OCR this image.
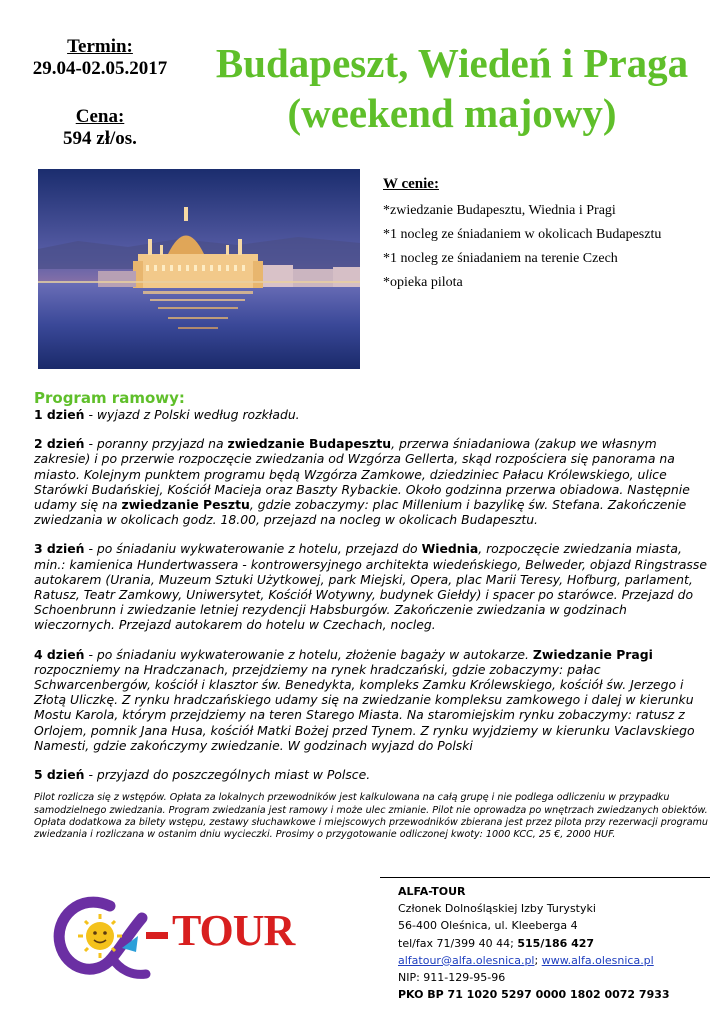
Termin:
29.04-02.05.2017
Cena:
594 zł/os.
Budapeszt, Wiedeń i Praga
(weekend majowy)
W cenie:
*zwiedzanie Budapesztu, Wiednia i Pragi
*1 nocleg ze śniadaniem w okolicach Budapesztu
*1 nocleg ze śniadaniem na terenie Czech
*opieka pilota
Program ramowy:

1 dzień - wyjazd z Polski według rozkładu.

2 dzień - poranny przyjazd na zwiedzanie Budapesztu, przerwa śniadaniowa (zakup we własnym zakresie) i po przerwie rozpoczęcie zwiedzania od Wzgórza Gellerta, skąd rozpościera się panorama na miasto. Kolejnym punktem programu będą Wzgórza Zamkowe, dziedziniec Pałacu Królewskiego, ulice Starówki Budańskiej, Kościół Macieja oraz Baszty Rybackie. Około godzinna przerwa obiadowa. Następnie udamy się na zwiedzanie Pesztu, gdzie zobaczymy: plac Millenium i bazylikę św. Stefana. Zakończenie zwiedzania w okolicach godz. 18.00, przejazd na nocleg w okolicach Budapesztu.

3 dzień - po śniadaniu wykwaterowanie z hotelu, przejazd do Wiednia, rozpoczęcie zwiedzania miasta, min.: kamienica Hundertwassera - kontrowersyjnego architekta wiedeńskiego, Belweder, objazd Ringstrasse autokarem (Urania, Muzeum Sztuki Użytkowej, park Miejski, Opera, plac Marii Teresy, Hofburg, parlament, Ratusz, Teatr Zamkowy, Uniwersytet, Kościół Wotywny, budynek Giełdy) i spacer po starówce. Przejazd do Schoenbrunn i zwiedzanie letniej rezydencji Habsburgów. Zakończenie zwiedzania w godzinach wieczornych. Przejazd autokarem do hotelu w Czechach, nocleg.

4 dzień - po śniadaniu wykwaterowanie z hotelu, złożenie bagaży w autokarze. Zwiedzanie Pragi rozpoczniemy na Hradczanach, przejdziemy na rynek hradczański, gdzie zobaczymy: pałac Schwarcenbergów, kościół i klasztor św. Benedykta, kompleks Zamku Królewskiego, kościół św. Jerzego i Złotą Uliczkę. Z rynku hradczańskiego udamy się na zwiedzanie kompleksu zamkowego i dalej w kierunku Mostu Karola, którym przejdziemy na teren Starego Miasta. Na staromiejskim rynku zobaczymy: ratusz z Orlojem, pomnik Jana Husa, kościół Matki Bożej przed Tynem. Z rynku wyjdziemy w kierunku Vaclavskiego Namesti, gdzie zakończymy zwiedzanie. W godzinach wyjazd do Polski

5 dzień - przyjazd do poszczególnych miast w Polsce.

Pilot rozlicza się z wstępów. Opłata za lokalnych przewodników jest kalkulowana na całą grupę i nie podlega odliczeniu w przypadku samodzielnego zwiedzania. Program zwiedzania jest ramowy i może ulec zmianie. Pilot nie oprowadza po wnętrzach zwiedzanych obiektów. Opłata dodatkowa za bilety wstępu, zestawy słuchawkowe i miejscowych przewodników zbierana jest przez pilota przy rezerwacji programu zwiedzania i rozliczana w ostanim dniu wycieczki. Prosimy o przygotowanie odliczonej kwoty: 1000 KCC, 25 €, 2000 HUF.
TOUR
ALFA-TOUR
Członek Dolnośląskiej Izby Turystyki
56-400 Oleśnica, ul. Kleeberga 4
tel/fax 71/399 40 44; 515/186 427
alfatour@alfa.olesnica.pl; www.alfa.olesnica.pl
NIP: 911-129-95-96
PKO BP 71 1020 5297 0000 1802 0072 7933
